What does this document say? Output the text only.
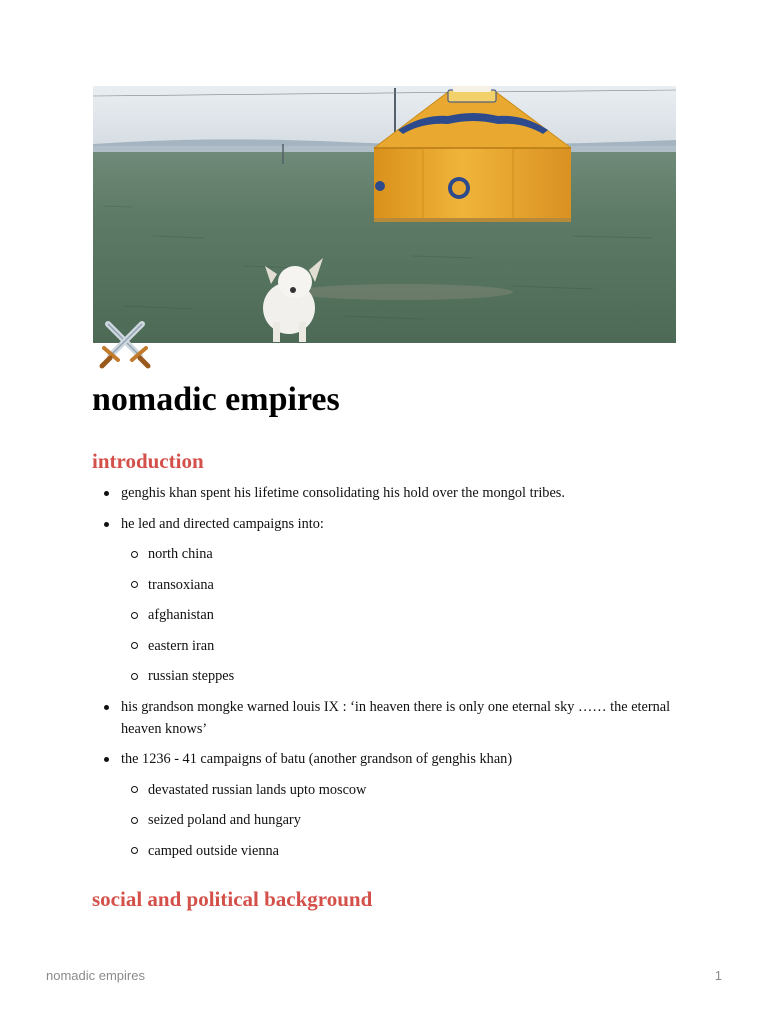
nomadic empires
introduction
genghis khan spent his lifetime consolidating his hold over the mongol tribes.
he led and directed campaigns into:
north china
transoxiana
afghanistan
eastern iran
russian steppes
his grandson mongke warned louis IX : ‘in heaven there is only one eternal sky …… the eternal heaven knows’
the 1236 - 41 campaigns of batu (another grandson of genghis khan)
devastated russian lands upto moscow
seized poland and hungary
camped outside vienna
social and political background
nomadic empires	1
